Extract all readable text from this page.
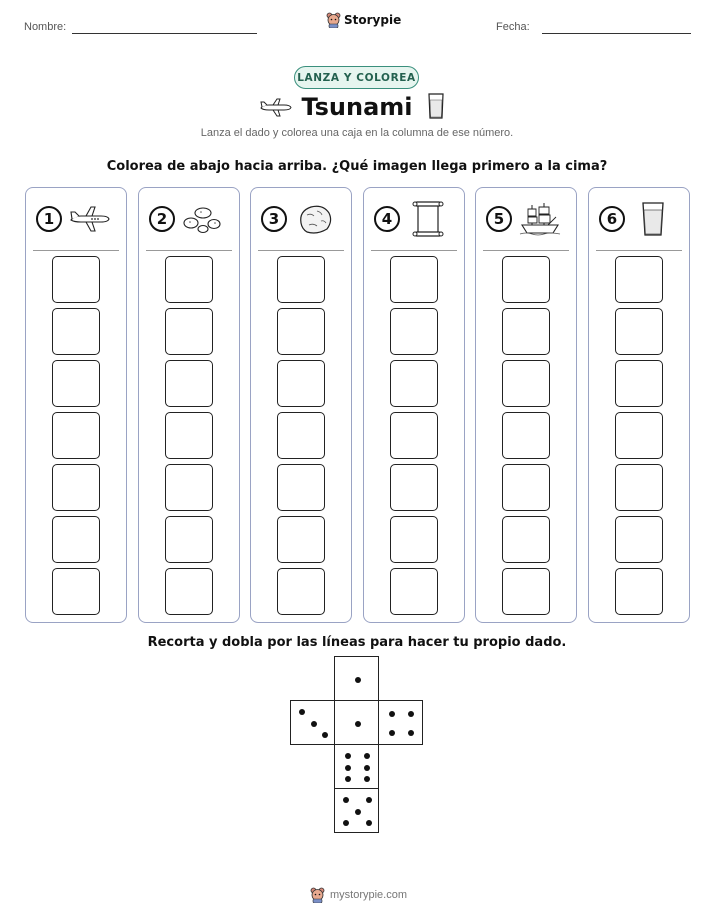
Nombre:	Storypie	Fecha:
LANZA Y COLOREA
Tsunami
Lanza el dado y colorea una caja en la columna de ese número.
Colorea de abajo hacia arriba. ¿Qué imagen llega primero a la cima?
1	2	3	4	5	6
Recorta y dobla por las líneas para hacer tu propio dado.
mystorypie.com
